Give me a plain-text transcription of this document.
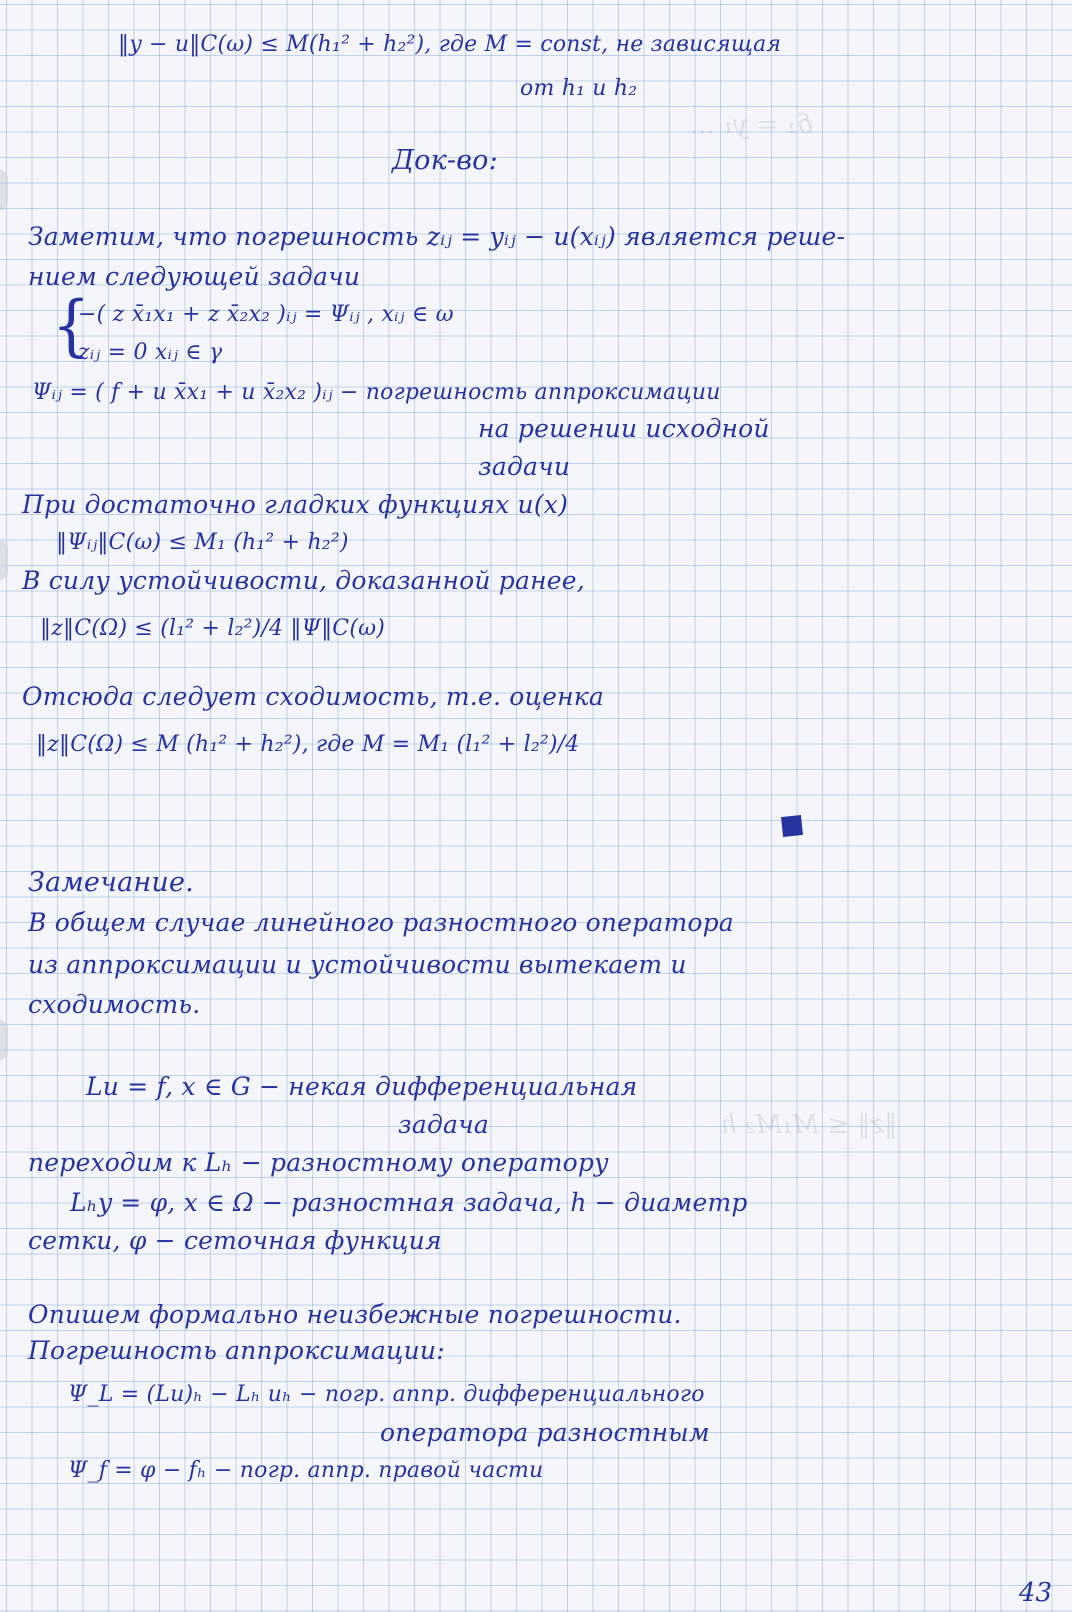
δ₁ = y₁ ...
‖z‖ ≤ M₁M₂ h
‖y − u‖C(ω) ≤ M(h₁² + h₂²), где M = const, не зависящая
от h₁ и h₂
Док-во:
Заметим, что погрешность zᵢⱼ = yᵢⱼ − u(xᵢⱼ) является реше-
нием следующей задачи
{
−( z x̄₁x₁ + z x̄₂x₂ )ᵢⱼ = Ψᵢⱼ , xᵢⱼ ∈ ω
zᵢⱼ = 0 xᵢⱼ ∈ γ
Ψᵢⱼ = ( f + u x̄x₁ + u x̄₂x₂ )ᵢⱼ − погрешность аппроксимации
на решении исходной
задачи
При достаточно гладких функциях u(x)
‖Ψᵢⱼ‖C(ω) ≤ M₁ (h₁² + h₂²)
В силу устойчивости, доказанной ранее,
‖z‖C(Ω) ≤ (l₁² + l₂²)/4 ‖Ψ‖C(ω)
Отсюда следует сходимость, т.е. оценка
‖z‖C(Ω) ≤ M (h₁² + h₂²), где M = M₁ (l₁² + l₂²)/4
Замечание.
В общем случае линейного разностного оператора
из аппроксимации и устойчивости вытекает и
сходимость.
Lu = f, x ∈ G − некая дифференциальная
задача
переходим к Lₕ − разностному оператору
Lₕy = φ, x ∈ Ω − разностная задача, h − диаметр
сетки, φ − сеточная функция
Опишем формально неизбежные погрешности.
Погрешность аппроксимации:
Ψ_L = (Lu)ₕ − Lₕ uₕ − погр. аппр. дифференциального
оператора разностным
Ψ_f = φ − fₕ − погр. аппр. правой части
43
